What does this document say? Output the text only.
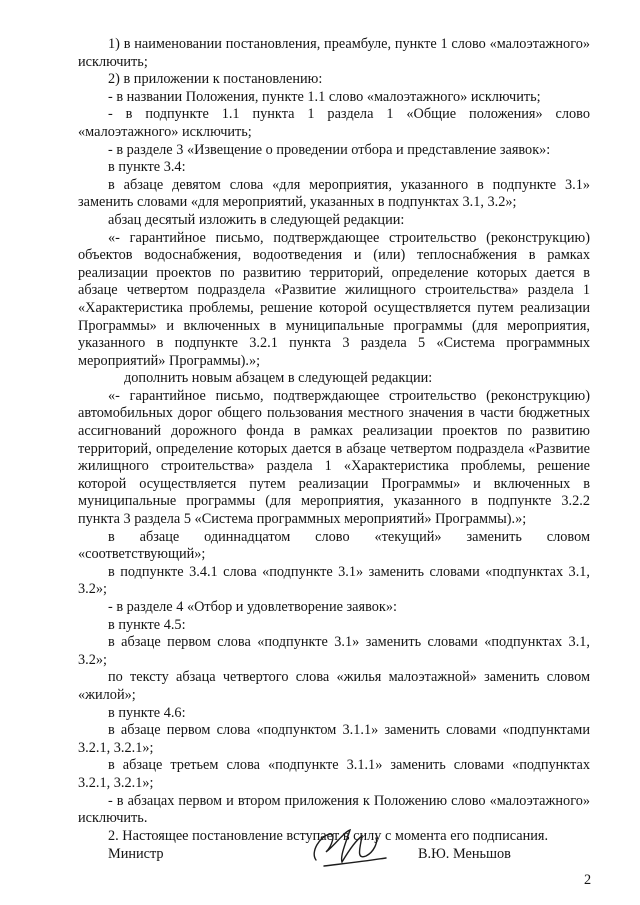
1) в наименовании постановления, преамбуле, пункте 1 слово «малоэтажного» исключить;

2) в приложении к постановлению:

- в названии Положения, пункте 1.1 слово «малоэтажного» исключить;

- в подпункте 1.1 пункта 1 раздела 1 «Общие положения» слово «малоэтажного» исключить;

- в разделе 3 «Извещение о проведении отбора и представление заявок»:

в пункте 3.4:

в абзаце девятом слова «для мероприятия, указанного в подпункте 3.1» заменить словами «для мероприятий, указанных в подпунктах 3.1, 3.2»;

абзац десятый изложить в следующей редакции:

«- гарантийное письмо, подтверждающее строительство (реконструкцию) объектов водоснабжения, водоотведения и (или) теплоснабжения в рамках реализации проектов по развитию территорий, определение которых дается в абзаце четвертом подраздела «Развитие жилищного строительства» раздела 1 «Характеристика проблемы, решение которой осуществляется путем реализации Программы» и включенных в муниципальные программы (для мероприятия, указанного в подпункте 3.2.1 пункта 3 раздела 5 «Система программных мероприятий» Программы).»;

дополнить новым абзацем в следующей редакции:

«- гарантийное письмо, подтверждающее строительство (реконструкцию) автомобильных дорог общего пользования местного значения в части бюджетных ассигнований дорожного фонда в рамках реализации проектов по развитию территорий, определение которых дается в абзаце четвертом подраздела «Развитие жилищного строительства» раздела 1 «Характеристика проблемы, решение которой осуществляется путем реализации Программы» и включенных в муниципальные программы (для мероприятия, указанного в подпункте 3.2.2 пункта 3 раздела 5 «Система программных мероприятий» Программы).»;

в абзаце одиннадцатом слово «текущий» заменить словом «соответствующий»;

в подпункте 3.4.1 слова «подпункте 3.1» заменить словами «подпунктах 3.1, 3.2»;

- в разделе 4 «Отбор и удовлетворение заявок»:

в пункте 4.5:

в абзаце первом слова «подпункте 3.1» заменить словами «подпунктах 3.1, 3.2»;

по тексту абзаца четвертого слова «жилья малоэтажной» заменить словом «жилой»;

в пункте 4.6:

в абзаце первом слова «подпунктом 3.1.1» заменить словами «подпунктами 3.2.1, 3.2.1»;

в абзаце третьем слова «подпункте 3.1.1» заменить словами «подпунктах 3.2.1, 3.2.1»;

- в абзацах первом и втором приложения к Положению слово «малоэтажного» исключить.

2. Настоящее постановление вступает в силу с момента его подписания.

Министр	В.Ю. Меньшов
2
